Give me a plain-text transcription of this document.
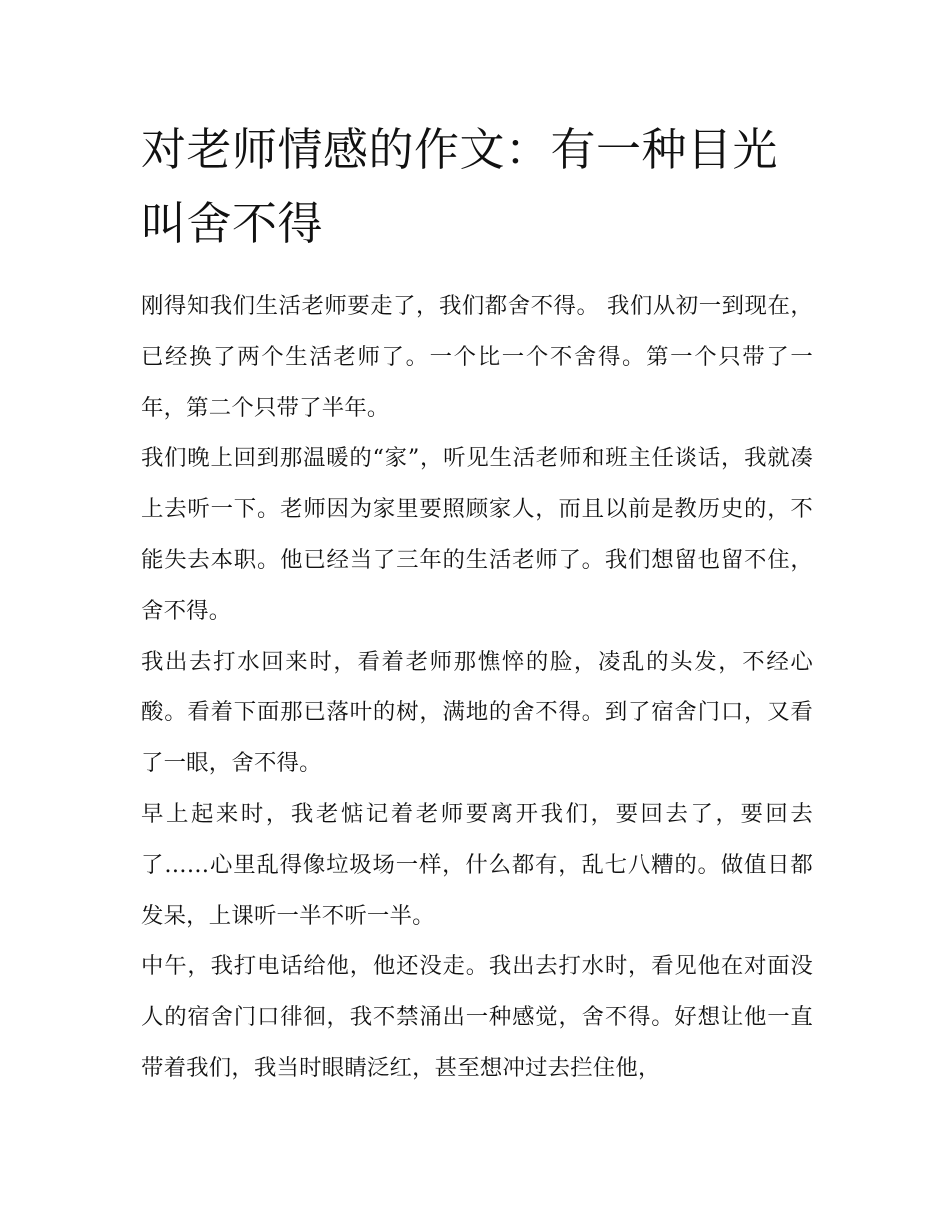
对老师情感的作文：有一种目光叫舍不得

刚得知我们生活老师要走了，我们都舍不得。 我们从初一到现在，已经换了两个生活老师了。一个比一个不舍得。第一个只带了一年，第二个只带了半年。

我们晚上回到那温暖的“家”，听见生活老师和班主任谈话，我就凑上去听一下。老师因为家里要照顾家人，而且以前是教历史的，不能失去本职。他已经当了三年的生活老师了。我们想留也留不住，舍不得。

我出去打水回来时，看着老师那憔悴的脸，凌乱的头发，不经心酸。看着下面那已落叶的树，满地的舍不得。到了宿舍门口，又看了一眼，舍不得。

早上起来时，我老惦记着老师要离开我们，要回去了，要回去了……心里乱得像垃圾场一样，什么都有，乱七八糟的。做值日都发呆，上课听一半不听一半。

中午，我打电话给他，他还没走。我出去打水时，看见他在对面没人的宿舍门口徘徊，我不禁涌出一种感觉，舍不得。好想让他一直带着我们，我当时眼睛泛红，甚至想冲过去拦住他，
